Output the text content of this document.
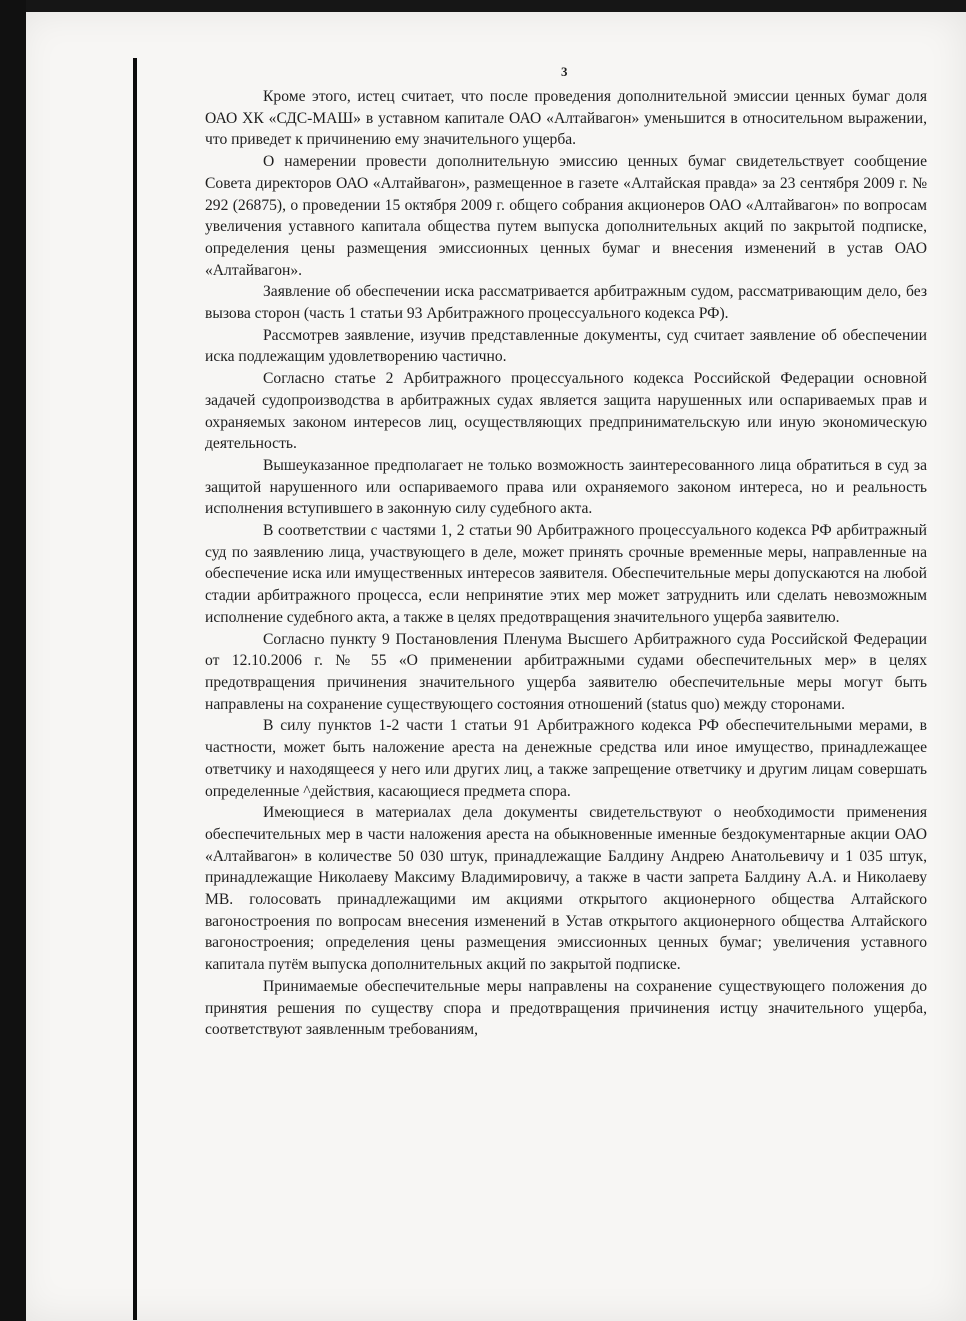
3

Кроме этого, истец считает, что после проведения дополнительной эмиссии ценных бумаг доля ОАО ХК «СДС-МАШ» в уставном капитале ОАО «Алтайвагон» уменьшится в относительном выражении, что приведет к причинению ему значительного ущерба.

О намерении провести дополнительную эмиссию ценных бумаг свидетельствует сообщение Совета директоров ОАО «Алтайвагон», размещенное в газете «Алтайская правда» за 23 сентября 2009 г. № 292 (26875), о проведении 15 октября 2009 г. общего собрания акционеров ОАО «Алтайвагон» по вопросам увеличения уставного капитала общества путем выпуска дополнительных акций по закрытой подписке, определения цены размещения эмиссионных ценных бумаг и внесения изменений в устав ОАО «Алтайвагон».

Заявление об обеспечении иска рассматривается арбитражным судом, рассматривающим дело, без вызова сторон (часть 1 статьи 93 Арбитражного процессуального кодекса РФ).

Рассмотрев заявление, изучив представленные документы, суд считает заявление об обеспечении иска подлежащим удовлетворению частично.

Согласно статье 2 Арбитражного процессуального кодекса Российской Федерации основной задачей судопроизводства в арбитражных судах является защита нарушенных или оспариваемых прав и охраняемых законом интересов лиц, осуществляющих предпринимательскую или иную экономическую деятельность.

Вышеуказанное предполагает не только возможность заинтересованного лица обратиться в суд за защитой нарушенного или оспариваемого права или охраняемого законом интереса, но и реальность исполнения вступившего в законную силу судебного акта.

В соответствии с частями 1, 2 статьи 90 Арбитражного процессуального кодекса РФ арбитражный суд по заявлению лица, участвующего в деле, может принять срочные временные меры, направленные на обеспечение иска или имущественных интересов заявителя. Обеспечительные меры допускаются на любой стадии арбитражного процесса, если непринятие этих мер может затруднить или сделать невозможным исполнение судебного акта, а также в целях предотвращения значительного ущерба заявителю.

Согласно пункту 9 Постановления Пленума Высшего Арбитражного суда Российской Федерации от 12.10.2006 г. № 55 «О применении арбитражными судами обеспечительных мер» в целях предотвращения причинения значительного ущерба заявителю обеспечительные меры могут быть направлены на сохранение существующего состояния отношений (status quo) между сторонами.

В силу пунктов 1-2 части 1 статьи 91 Арбитражного кодекса РФ обеспечительными мерами, в частности, может быть наложение ареста на денежные средства или иное имущество, принадлежащее ответчику и находящееся у него или других лиц, а также запрещение ответчику и другим лицам совершать определенные ^действия, касающиеся предмета спора.

Имеющиеся в материалах дела документы свидетельствуют о необходимости применения обеспечительных мер в части наложения ареста на обыкновенные именные бездокументарные акции ОАО «Алтайвагон» в количестве 50 030 штук, принадлежащие Балдину Андрею Анатольевичу и 1 035 штук, принадлежащие Николаеву Максиму Владимировичу, а также в части запрета Балдину А.А. и Николаеву МВ. голосовать принадлежащими им акциями открытого акционерного общества Алтайского вагоностроения по вопросам внесения изменений в Устав открытого акционерного общества Алтайского вагоностроения; определения цены размещения эмиссионных ценных бумаг; увеличения уставного капитала путём выпуска дополнительных акций по закрытой подписке.

Принимаемые обеспечительные меры направлены на сохранение существующего положения до принятия решения по существу спора и предотвращения причинения истцу значительного ущерба, соответствуют заявленным требованиям,
